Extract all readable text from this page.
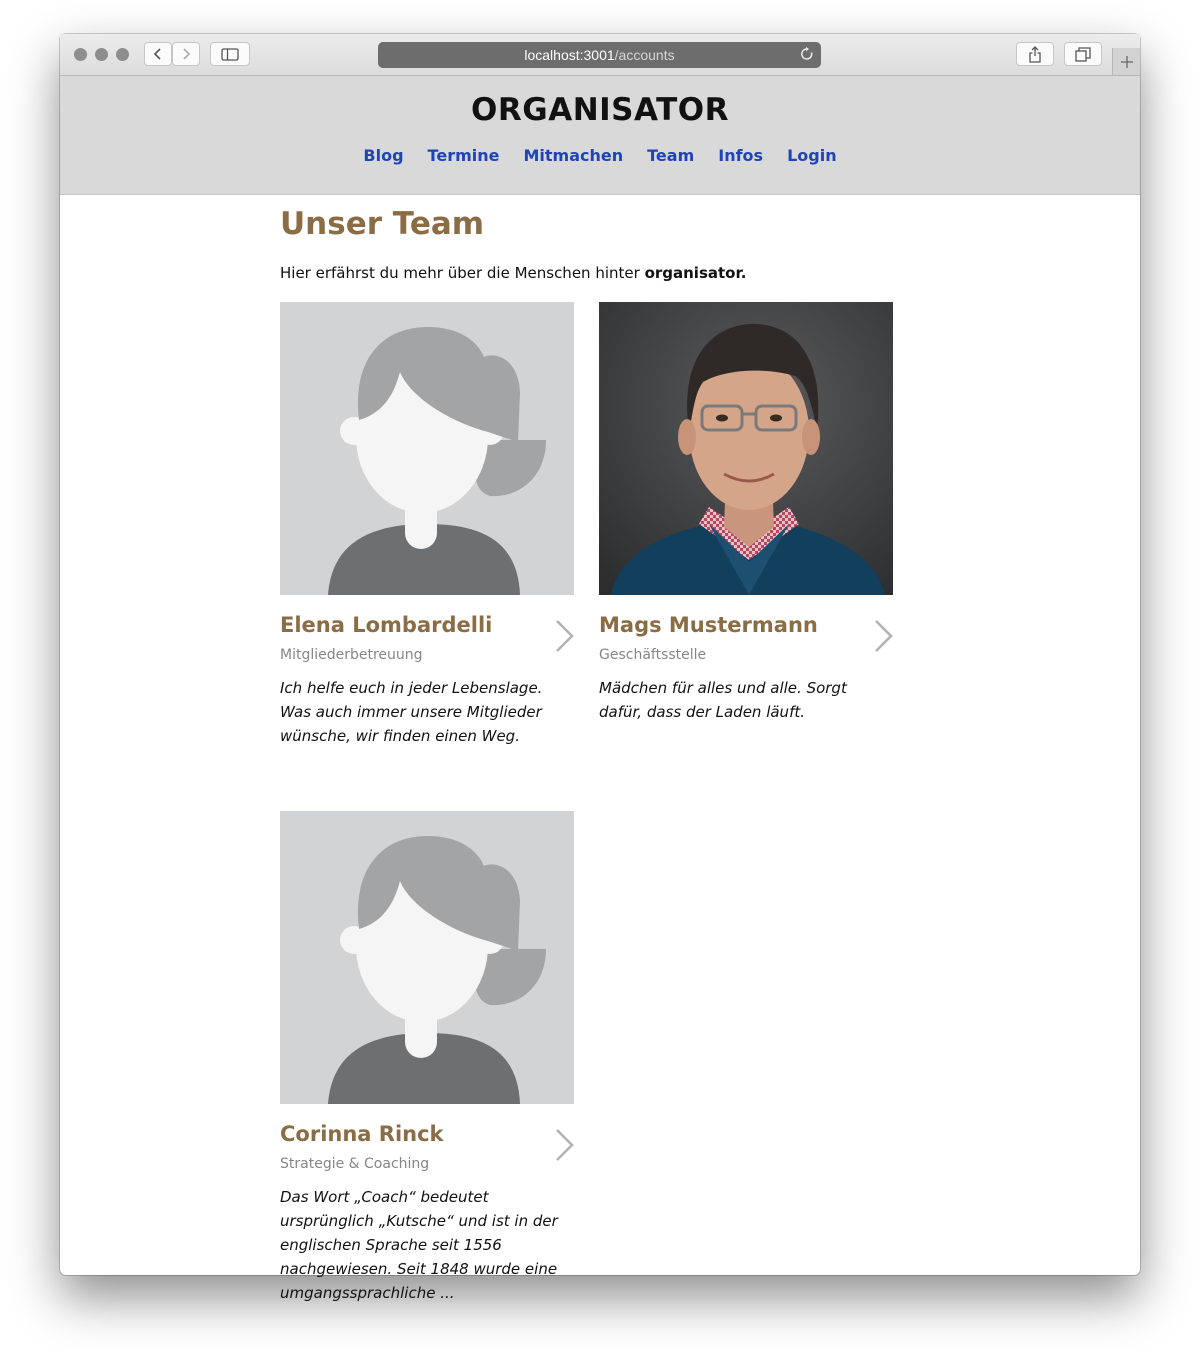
localhost:3001 /accounts
ORGANISATOR
Blog Termine Mitmachen Team Infos Login
Unser Team

Hier erfährst du mehr über die Menschen hinter organisator.

Elena Lombardelli
Mitgliederbetreuung

Ich helfe euch in jeder Lebenslage. Was auch immer unsere Mitglieder wünsche, wir finden einen Weg.

Mags Mustermann
Geschäftsstelle

Mädchen für alles und alle. Sorgt dafür, dass der Laden läuft.

Corinna Rinck
Strategie & Coaching

Das Wort „Coach“ bedeutet ursprünglich „Kutsche“ und ist in der englischen Sprache seit 1556 nachgewiesen. Seit 1848 wurde eine umgangssprachliche ...
